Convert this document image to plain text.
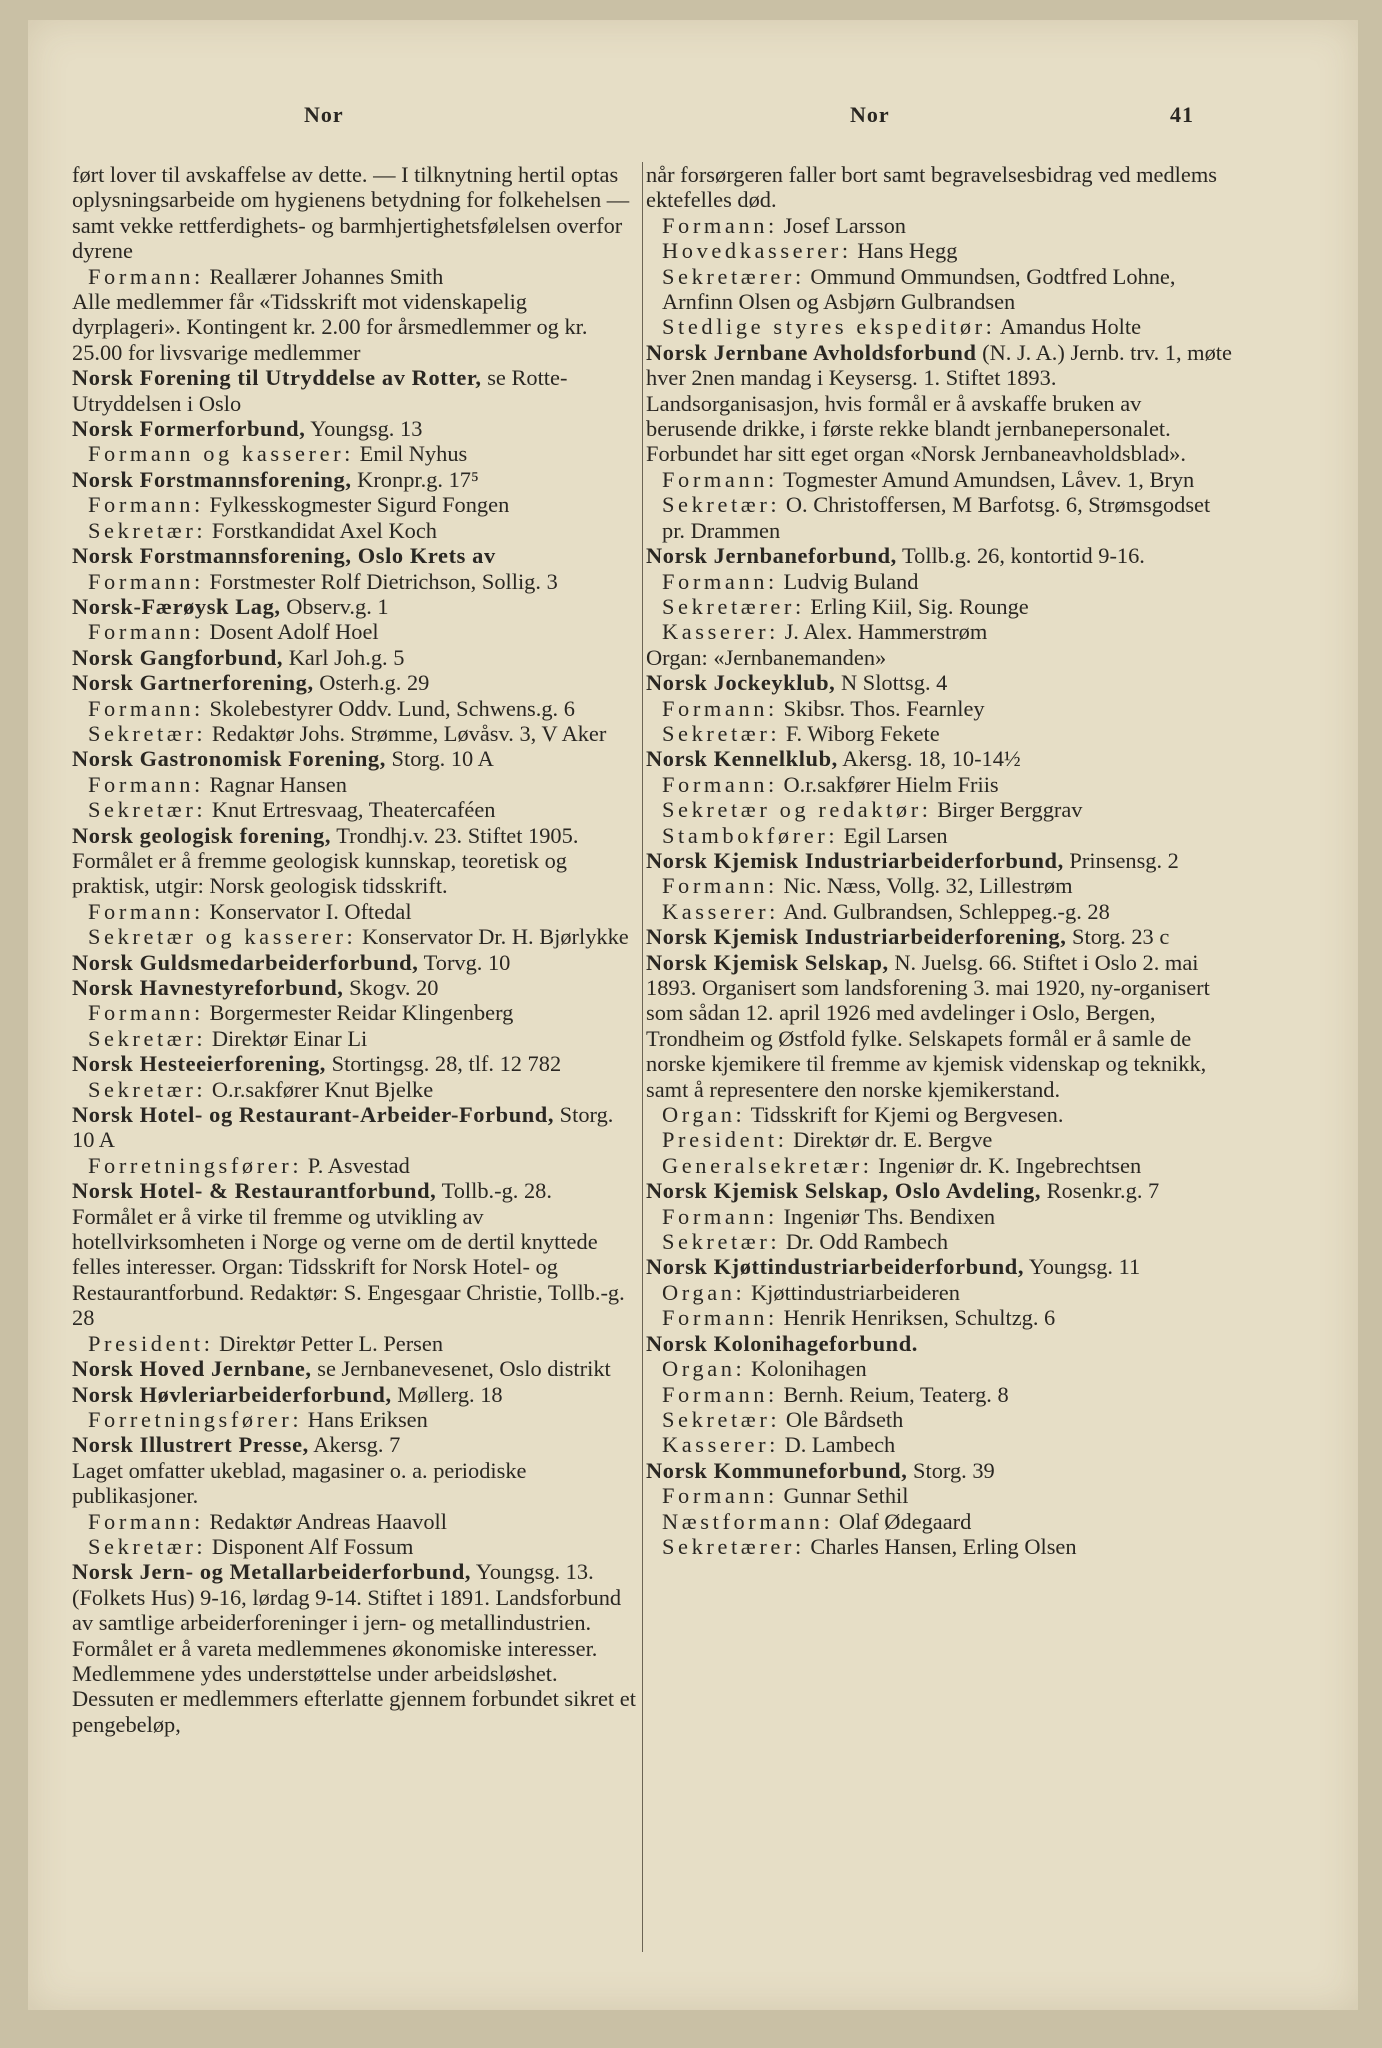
Nor	Nor	41

ført lover til avskaffelse av dette. — I tilknytning hertil optas oplysningsarbeide om hygienens betydning for folkehelsen — samt vekke rettferdighets- og barmhjertighetsfølelsen overfor dyrene

Formann: Reallærer Johannes Smith

Alle medlemmer får «Tidsskrift mot videnskapelig dyrplageri». Kontingent kr. 2.00 for årsmedlemmer og kr. 25.00 for livsvarige medlemmer

Norsk Forening til Utryddelse av Rotter, se Rotte-Utryddelsen i Oslo

Norsk Formerforbund, Youngsg. 13

Formann og kasserer: Emil Nyhus

Norsk Forstmannsforening, Kronpr.g. 17⁵

Formann: Fylkesskogmester Sigurd Fongen

Sekretær: Forstkandidat Axel Koch

Norsk Forstmannsforening, Oslo Krets av

Formann: Forstmester Rolf Dietrichson, Sollig. 3

Norsk-Færøysk Lag, Observ.g. 1

Formann: Dosent Adolf Hoel

Norsk Gangforbund, Karl Joh.g. 5

Norsk Gartnerforening, Osterh.g. 29

Formann: Skolebestyrer Oddv. Lund, Schwens.g. 6

Sekretær: Redaktør Johs. Strømme, Løvåsv. 3, V Aker

Norsk Gastronomisk Forening, Storg. 10 A

Formann: Ragnar Hansen

Sekretær: Knut Ertresvaag, Theatercaféen

Norsk geologisk forening, Trondhj.v. 23. Stiftet 1905. Formålet er å fremme geologisk kunnskap, teoretisk og praktisk, utgir: Norsk geologisk tidsskrift.

Formann: Konservator I. Oftedal

Sekretær og kasserer: Konservator Dr. H. Bjørlykke

Norsk Guldsmedarbeiderforbund, Torvg. 10

Norsk Havnestyreforbund, Skogv. 20

Formann: Borgermester Reidar Klingenberg

Sekretær: Direktør Einar Li

Norsk Hesteeierforening, Stortingsg. 28, tlf. 12 782

Sekretær: O.r.sakfører Knut Bjelke

Norsk Hotel- og Restaurant-Arbeider-Forbund, Storg. 10 A

Forretningsfører: P. Asvestad

Norsk Hotel- & Restaurantforbund, Tollb.-g. 28. Formålet er å virke til fremme og utvikling av hotellvirksomheten i Norge og verne om de dertil knyttede felles interesser. Organ: Tidsskrift for Norsk Hotel- og Restaurantforbund. Redaktør: S. Engesgaar Christie, Tollb.-g. 28

President: Direktør Petter L. Persen

Norsk Hoved Jernbane, se Jernbanevesenet, Oslo distrikt

Norsk Høvleriarbeiderforbund, Møllerg. 18

Forretningsfører: Hans Eriksen

Norsk Illustrert Presse, Akersg. 7

Laget omfatter ukeblad, magasiner o. a. periodiske publikasjoner.

Formann: Redaktør Andreas Haavoll

Sekretær: Disponent Alf Fossum

Norsk Jern- og Metallarbeiderforbund, Youngsg. 13. (Folkets Hus) 9-16, lørdag 9-14. Stiftet i 1891. Landsforbund av samtlige arbeiderforeninger i jern- og metallindustrien. Formålet er å vareta medlemmenes økonomiske interesser. Medlemmene ydes understøttelse under arbeidsløshet. Dessuten er medlemmers efterlatte gjennem forbundet sikret et pengebeløp,

når forsørgeren faller bort samt begravelsesbidrag ved medlems ektefelles død.

Formann: Josef Larsson

Hovedkasserer: Hans Hegg

Sekretærer: Ommund Ommundsen, Godtfred Lohne, Arnfinn Olsen og Asbjørn Gulbrandsen

Stedlige styres ekspeditør: Amandus Holte

Norsk Jernbane Avholdsforbund (N. J. A.) Jernb. trv. 1, møte hver 2nen mandag i Keysersg. 1. Stiftet 1893. Landsorganisasjon, hvis formål er å avskaffe bruken av berusende drikke, i første rekke blandt jernbanepersonalet. Forbundet har sitt eget organ «Norsk Jernbaneavholdsblad».

Formann: Togmester Amund Amundsen, Låvev. 1, Bryn

Sekretær: O. Christoffersen, M Barfotsg. 6, Strømsgodset pr. Drammen

Norsk Jernbaneforbund, Tollb.g. 26, kontortid 9-16.

Formann: Ludvig Buland

Sekretærer: Erling Kiil, Sig. Rounge

Kasserer: J. Alex. Hammerstrøm

Organ: «Jernbanemanden»

Norsk Jockeyklub, N Slottsg. 4

Formann: Skibsr. Thos. Fearnley

Sekretær: F. Wiborg Fekete

Norsk Kennelklub, Akersg. 18, 10-14½

Formann: O.r.sakfører Hielm Friis

Sekretær og redaktør: Birger Berggrav

Stambokfører: Egil Larsen

Norsk Kjemisk Industriarbeiderforbund, Prinsensg. 2

Formann: Nic. Næss, Vollg. 32, Lillestrøm

Kasserer: And. Gulbrandsen, Schleppeg.-g. 28

Norsk Kjemisk Industriarbeiderforening, Storg. 23 c

Norsk Kjemisk Selskap, N. Juelsg. 66. Stiftet i Oslo 2. mai 1893. Organisert som landsforening 3. mai 1920, ny-organisert som sådan 12. april 1926 med avdelinger i Oslo, Bergen, Trondheim og Østfold fylke. Selskapets formål er å samle de norske kjemikere til fremme av kjemisk videnskap og teknikk, samt å representere den norske kjemikerstand.

Organ: Tidsskrift for Kjemi og Bergvesen.

President: Direktør dr. E. Bergve

Generalsekretær: Ingeniør dr. K. Ingebrechtsen

Norsk Kjemisk Selskap, Oslo Avdeling, Rosenkr.g. 7

Formann: Ingeniør Ths. Bendixen

Sekretær: Dr. Odd Rambech

Norsk Kjøttindustriarbeiderforbund, Youngsg. 11

Organ: Kjøttindustriarbeideren

Formann: Henrik Henriksen, Schultzg. 6

Norsk Kolonihageforbund.

Organ: Kolonihagen

Formann: Bernh. Reium, Teaterg. 8

Sekretær: Ole Bårdseth

Kasserer: D. Lambech

Norsk Kommuneforbund, Storg. 39

Formann: Gunnar Sethil

Næstformann: Olaf Ødegaard

Sekretærer: Charles Hansen, Erling Olsen
